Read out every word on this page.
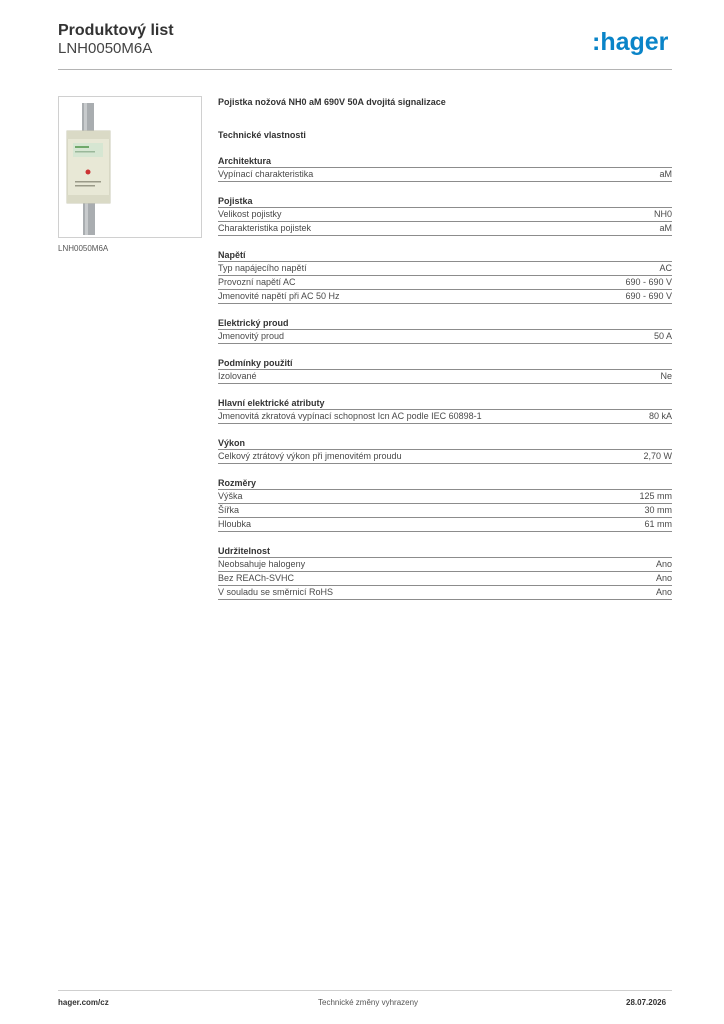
Produktový list
LNH0050M6A	:hager
LNH0050M6A
Pojistka nožová NH0 aM 690V 50A dvojitá signalizace
Technické vlastnosti
Architektura
Vypínací charakteristika	aM
Pojistka
Velikost pojistky	NH0
Charakteristika pojistek	aM
Napětí
Typ napájecího napětí	AC
Provozní napětí AC	690 - 690 V
Jmenovité napětí při AC 50 Hz	690 - 690 V
Elektrický proud
Jmenovitý proud	50 A
Podmínky použití
Izolované	Ne
Hlavní elektrické atributy
Jmenovitá zkratová vypínací schopnost Icn AC podle IEC 60898-1	80 kA
Výkon
Celkový ztrátový výkon při jmenovitém proudu	2,70 W
Rozměry
Výška	125 mm
Šířka	30 mm
Hloubka	61 mm
Udržitelnost
Neobsahuje halogeny	Ano
Bez REACh-SVHC	Ano
V souladu se směrnicí RoHS	Ano
hager.com/cz	Technické změny vyhrazeny	28.07.2026
